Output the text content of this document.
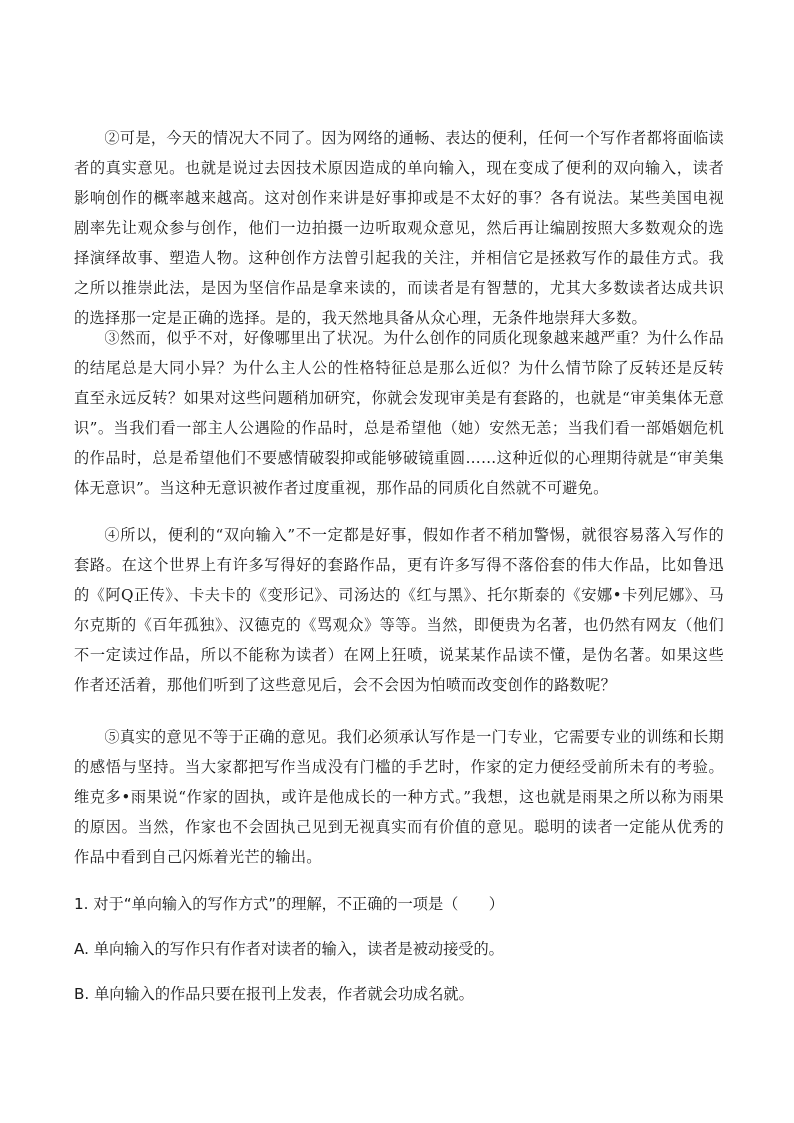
②可是，今天的情况大不同了。因为网络的通畅、表达的便利，任何一个写作者都将面临读者的真实意见。也就是说过去因技术原因造成的单向输入，现在变成了便利的双向输入，读者影响创作的概率越来越高。这对创作来讲是好事抑或是不太好的事？各有说法。某些美国电视剧率先让观众参与创作，他们一边拍摄一边听取观众意见，然后再让编剧按照大多数观众的选择演绎故事、塑造人物。这种创作方法曾引起我的关注，并相信它是拯救写作的最佳方式。我之所以推崇此法，是因为坚信作品是拿来读的，而读者是有智慧的，尤其大多数读者达成共识的选择那一定是正确的选择。是的，我天然地具备从众心理，无条件地崇拜大多数。

③然而，似乎不对，好像哪里出了状况。为什么创作的同质化现象越来越严重？为什么作品的结尾总是大同小异？为什么主人公的性格特征总是那么近似？为什么情节除了反转还是反转直至永远反转？如果对这些问题稍加研究，你就会发现审美是有套路的，也就是“审美集体无意识”。当我们看一部主人公遇险的作品时，总是希望他（她）安然无恙；当我们看一部婚姻危机的作品时，总是希望他们不要感情破裂抑或能够破镜重圆……这种近似的心理期待就是“审美集体无意识”。当这种无意识被作者过度重视，那作品的同质化自然就不可避免。

④所以，便利的“双向输入”不一定都是好事，假如作者不稍加警惕，就很容易落入写作的套路。在这个世界上有许多写得好的套路作品，更有许多写得不落俗套的伟大作品，比如鲁迅的《阿Q正传》、卡夫卡的《变形记》、司汤达的《红与黑》、托尔斯泰的《安娜•卡列尼娜》、马尔克斯的《百年孤独》、汉德克的《骂观众》等等。当然，即便贵为名著，也仍然有网友（他们不一定读过作品，所以不能称为读者）在网上狂喷，说某某作品读不懂，是伪名著。如果这些作者还活着，那他们听到了这些意见后，会不会因为怕喷而改变创作的路数呢？

⑤真实的意见不等于正确的意见。我们必须承认写作是一门专业，它需要专业的训练和长期的感悟与坚持。当大家都把写作当成没有门槛的手艺时，作家的定力便经受前所未有的考验。维克多•雨果说“作家的固执，或许是他成长的一种方式。”我想，这也就是雨果之所以称为雨果的原因。当然，作家也不会固执己见到无视真实而有价值的意见。聪明的读者一定能从优秀的作品中看到自己闪烁着光芒的输出。

1. 对于“单向输入的写作方式”的理解，不正确的一项是（　　）

A. 单向输入的写作只有作者对读者的输入，读者是被动接受的。

B. 单向输入的作品只要在报刊上发表，作者就会功成名就。
